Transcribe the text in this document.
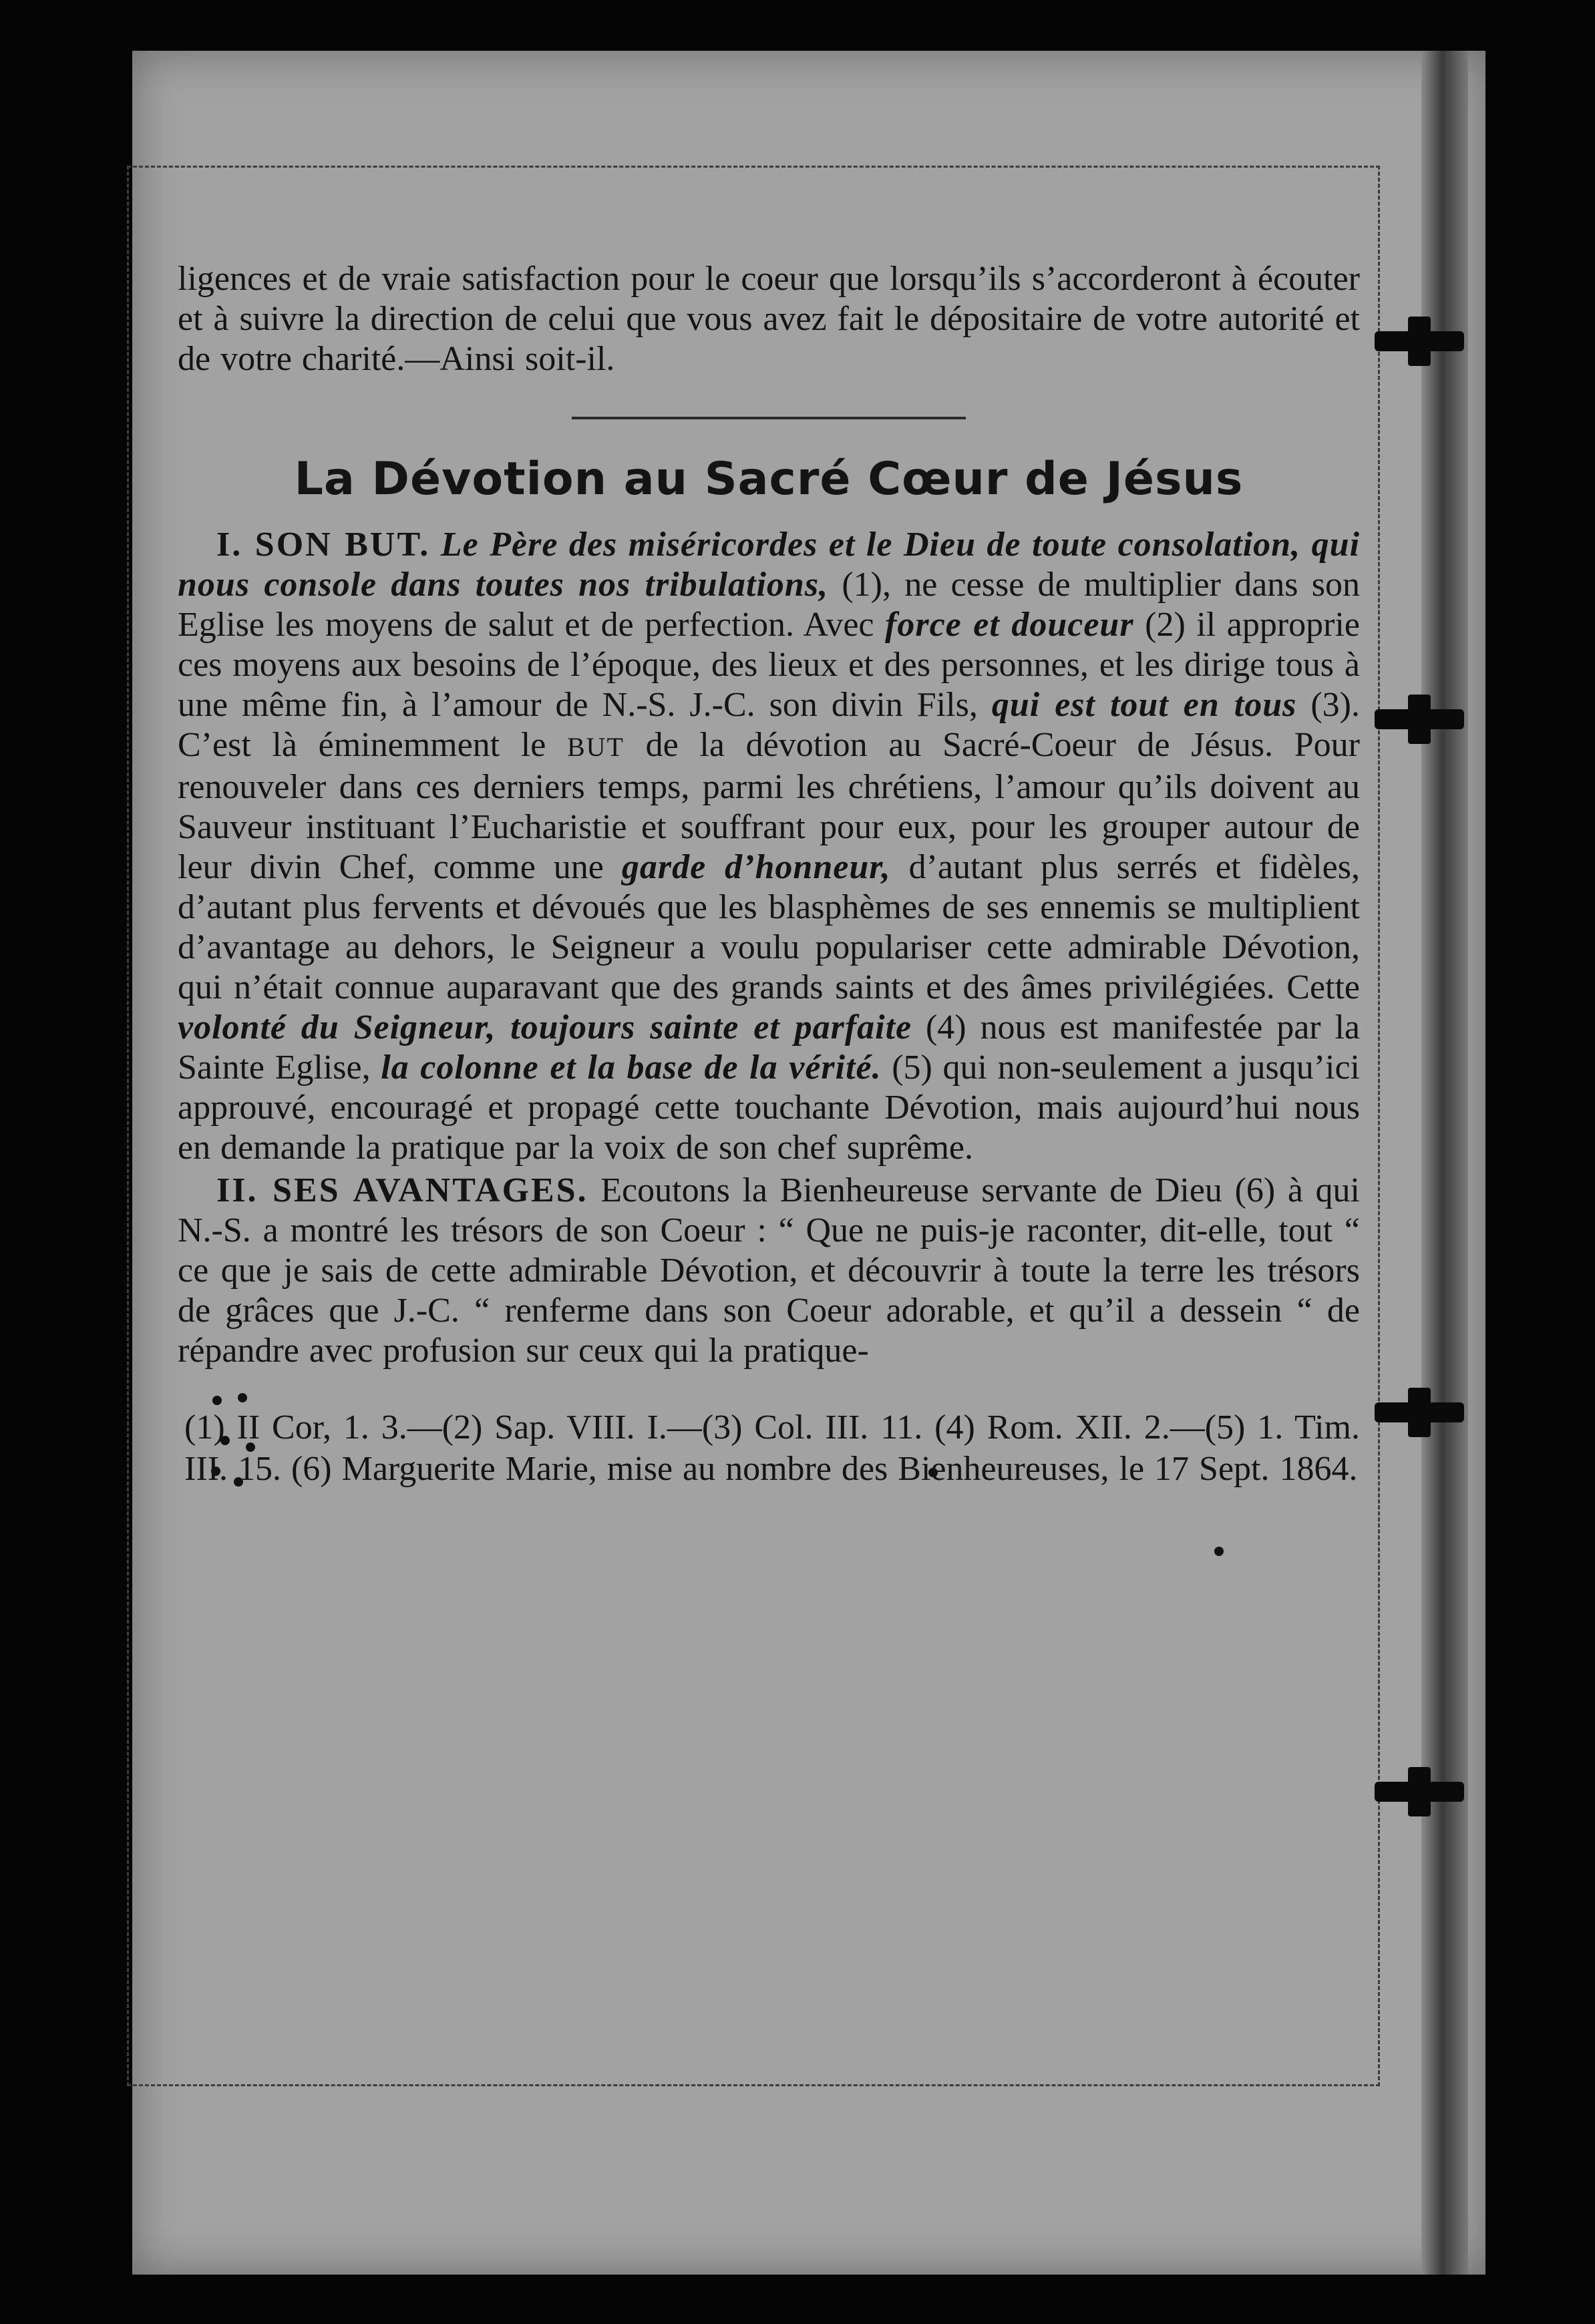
ligences et de vraie satisfaction pour le coeur que lorsqu’ils s’accorderont à écouter et à suivre la direction de celui que vous avez fait le dépositaire de votre autorité et de votre charité.—Ainsi soit-il.

La Dévotion au Sacré Cœur de Jésus

I. SON BUT. Le Père des miséricordes et le Dieu de toute consolation, qui nous console dans toutes nos tribulations, (1), ne cesse de multiplier dans son Eglise les moyens de salut et de perfection. Avec force et douceur (2) il approprie ces moyens aux besoins de l’époque, des lieux et des personnes, et les dirige tous à une même fin, à l’amour de N.-S. J.-C. son divin Fils, qui est tout en tous (3). C’est là éminemment le BUT de la dévotion au Sacré-Coeur de Jésus. Pour renouveler dans ces derniers temps, parmi les chrétiens, l’amour qu’ils doivent au Sauveur instituant l’Eucharistie et souffrant pour eux, pour les grouper autour de leur divin Chef, comme une garde d’honneur, d’autant plus serrés et fidèles, d’autant plus fervents et dévoués que les blasphèmes de ses ennemis se multiplient d’avantage au dehors, le Seigneur a voulu populariser cette admirable Dévotion, qui n’était connue auparavant que des grands saints et des âmes privilégiées. Cette volonté du Seigneur, toujours sainte et parfaite (4) nous est manifestée par la Sainte Eglise, la colonne et la base de la vérité. (5) qui non-seulement a jusqu’ici approuvé, encouragé et propagé cette touchante Dévotion, mais aujourd’hui nous en demande la pratique par la voix de son chef suprême.

II. SES AVANTAGES. Ecoutons la Bienheureuse servante de Dieu (6) à qui N.-S. a montré les trésors de son Coeur : “ Que ne puis-je raconter, dit-elle, tout “ ce que je sais de cette admirable Dévotion, et découvrir à toute la terre les trésors de grâces que J.-C. “ renferme dans son Coeur adorable, et qu’il a dessein “ de répandre avec profusion sur ceux qui la pratique-

(1) II Cor, 1. 3.—(2) Sap. VIII. I.—(3) Col. III. 11. (4) Rom. XII. 2.—(5) 1. Tim. III. 15. (6) Marguerite Marie, mise au nombre des Bienheureuses, le 17 Sept. 1864.
